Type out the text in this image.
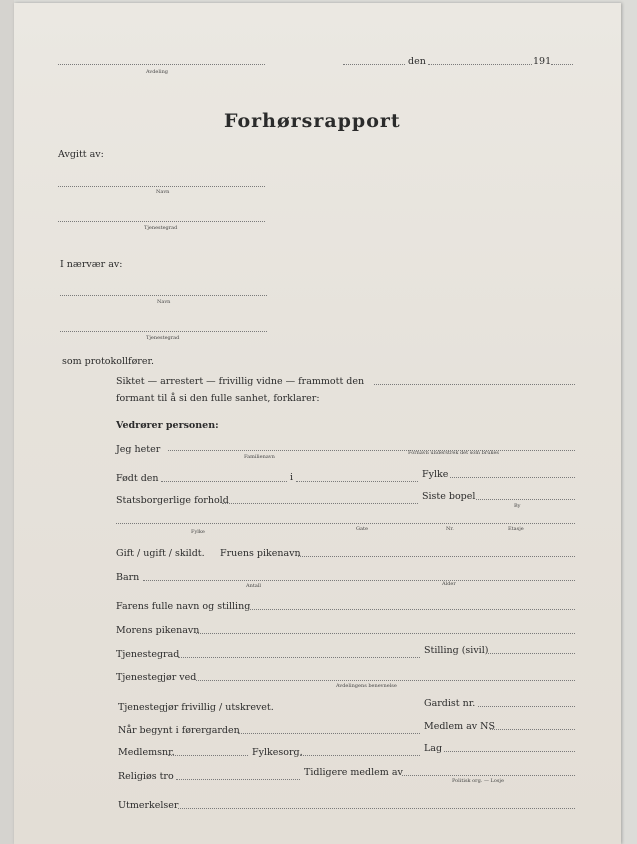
Avdeling
den	191
Forhørsrapport
Avgitt av:
Navn
Tjenestegrad
I nærvær av:
Navn
Tjenestegrad
som protokollfører.
Siktet — arrestert — frivillig vidne — frammott den
formant til å si den fulle sanhet, forklarer:
Vedrører personen:
Jeg heter
Familienavn
Fornavn understrek det som brukes
Født den	i	Fylke
Statsborgerlige forhold	Siste bopel
By
Fylke	Gate	Nr.	Etasje
Gift / ugift / skildt. Fruens pikenavn
Barn
Antall	Alder
Farens fulle navn og stilling
Morens pikenavn
Tjenestegrad	Stilling (sivil)
Tjenestegjør ved
Avdelingens benevnelse
Tjenestegjør frivillig / utskrevet.	Gardist nr.
Når begynt i førergarden	Medlem av NS
Medlemsnr.	Fylkesorg.	Lag
Religiøs tro	Tidligere medlem av
Politisk org. — Losje
Utmerkelser
